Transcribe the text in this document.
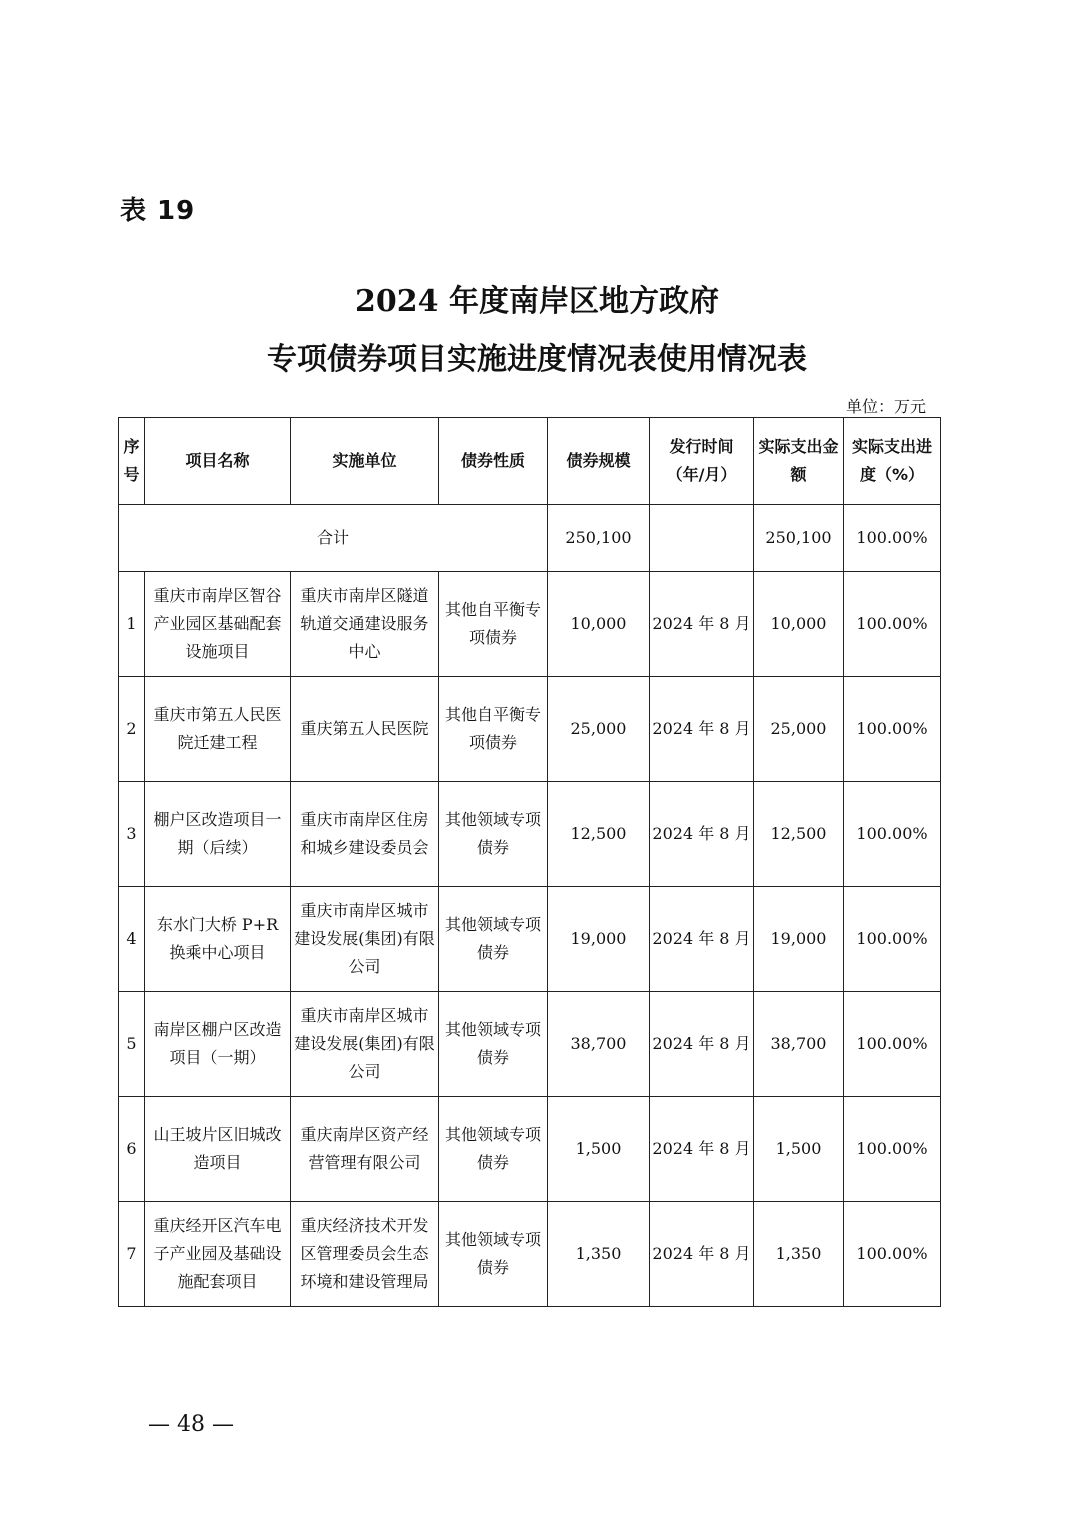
表 19
2024 年度南岸区地方政府
专项债券项目实施进度情况表使用情况表
单位：万元
序号	项目名称	实施单位	债券性质	债券规模	发行时间（年/月）	实际支出金额	实际支出进度（%）
合计				250,100		250,100	100.00%
1	重庆市南岸区智谷产业园区基础配套设施项目	重庆市南岸区隧道轨道交通建设服务中心	其他自平衡专项债券	10,000	2024 年 8 月	10,000	100.00%
2	重庆市第五人民医院迁建工程	重庆第五人民医院	其他自平衡专项债券	25,000	2024 年 8 月	25,000	100.00%
3	棚户区改造项目一期（后续）	重庆市南岸区住房和城乡建设委员会	其他领域专项债券	12,500	2024 年 8 月	12,500	100.00%
4	东水门大桥 P+R 换乘中心项目	重庆市南岸区城市建设发展(集团)有限公司	其他领域专项债券	19,000	2024 年 8 月	19,000	100.00%
5	南岸区棚户区改造项目（一期）	重庆市南岸区城市建设发展(集团)有限公司	其他领域专项债券	38,700	2024 年 8 月	38,700	100.00%
6	山王坡片区旧城改造项目	重庆南岸区资产经营管理有限公司	其他领域专项债券	1,500	2024 年 8 月	1,500	100.00%
7	重庆经开区汽车电子产业园及基础设施配套项目	重庆经济技术开发区管理委员会生态环境和建设管理局	其他领域专项债券	1,350	2024 年 8 月	1,350	100.00%
— 48 —
